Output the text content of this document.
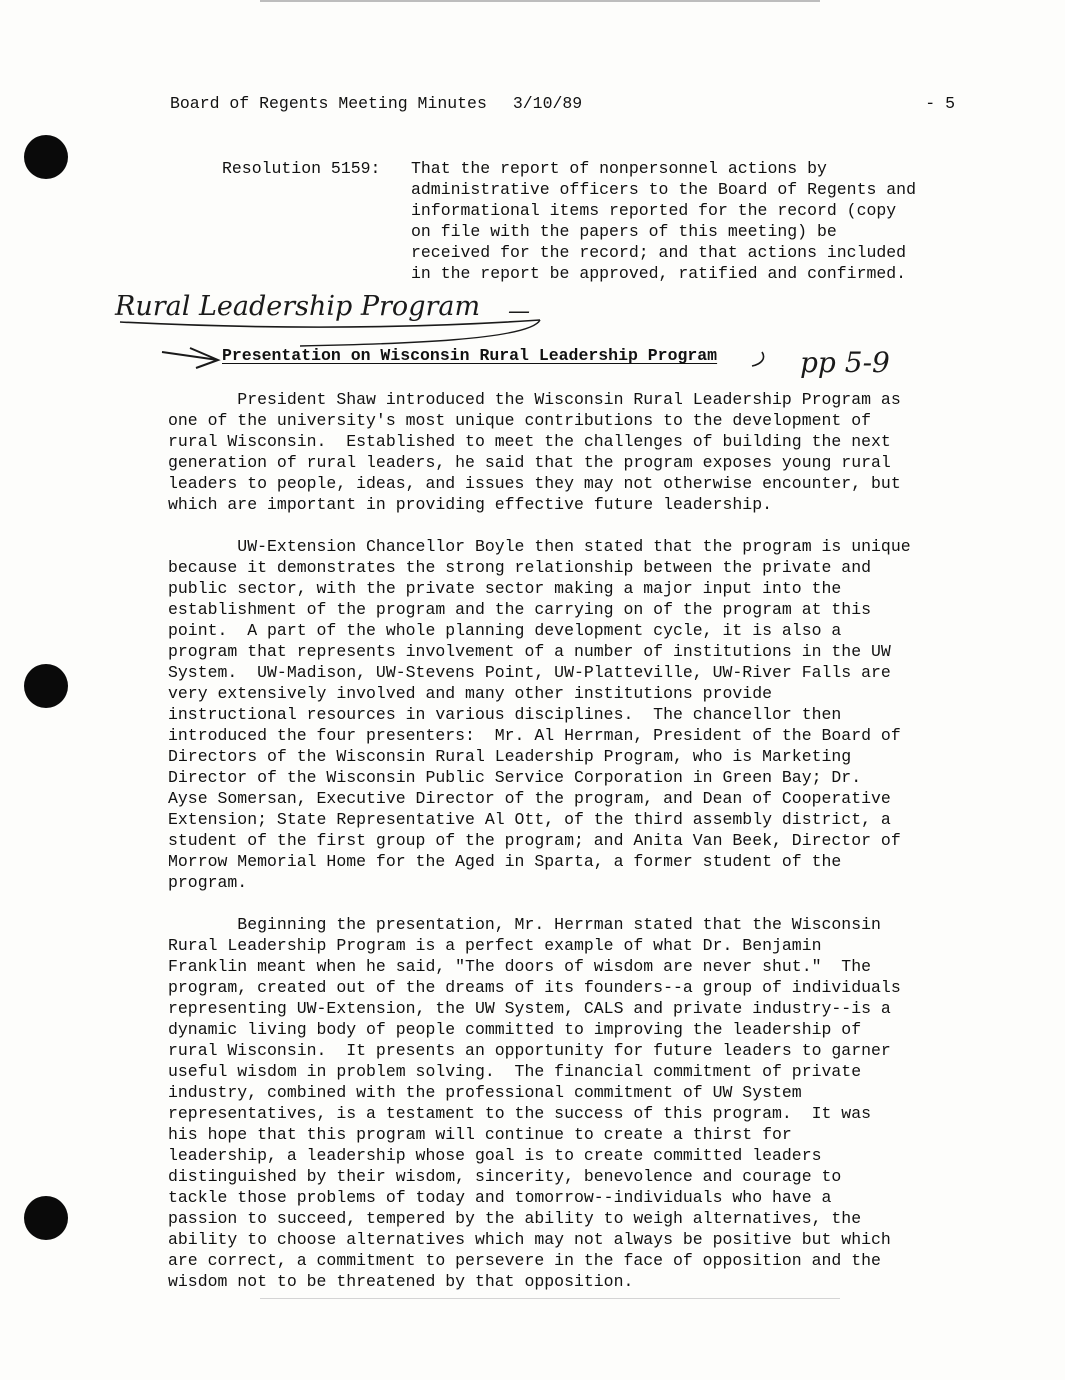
Board of Regents Meeting Minutes 3/10/89	- 5
Resolution 5159: That the report of nonpersonnel actions by
administrative officers to the Board of Regents and
informational items reported for the record (copy
on file with the papers of this meeting) be
received for the record; and that actions included
in the report be approved, ratified and confirmed.
Rural Leadership Program —
pp 5-9
Presentation on Wisconsin Rural Leadership Program
President Shaw introduced the Wisconsin Rural Leadership Program as
one of the university's most unique contributions to the development of
rural Wisconsin.  Established to meet the challenges of building the next
generation of rural leaders, he said that the program exposes young rural
leaders to people, ideas, and issues they may not otherwise encounter, but
which are important in providing effective future leadership.
UW-Extension Chancellor Boyle then stated that the program is unique
because it demonstrates the strong relationship between the private and
public sector, with the private sector making a major input into the
establishment of the program and the carrying on of the program at this
point.  A part of the whole planning development cycle, it is also a
program that represents involvement of a number of institutions in the UW
System.  UW-Madison, UW-Stevens Point, UW-Platteville, UW-River Falls are
very extensively involved and many other institutions provide
instructional resources in various disciplines.  The chancellor then
introduced the four presenters:  Mr. Al Herrman, President of the Board of
Directors of the Wisconsin Rural Leadership Program, who is Marketing
Director of the Wisconsin Public Service Corporation in Green Bay; Dr.
Ayse Somersan, Executive Director of the program, and Dean of Cooperative
Extension; State Representative Al Ott, of the third assembly district, a
student of the first group of the program; and Anita Van Beek, Director of
Morrow Memorial Home for the Aged in Sparta, a former student of the
program.
Beginning the presentation, Mr. Herrman stated that the Wisconsin
Rural Leadership Program is a perfect example of what Dr. Benjamin
Franklin meant when he said, "The doors of wisdom are never shut."  The
program, created out of the dreams of its founders--a group of individuals
representing UW-Extension, the UW System, CALS and private industry--is a
dynamic living body of people committed to improving the leadership of
rural Wisconsin.  It presents an opportunity for future leaders to garner
useful wisdom in problem solving.  The financial commitment of private
industry, combined with the professional commitment of UW System
representatives, is a testament to the success of this program.  It was
his hope that this program will continue to create a thirst for
leadership, a leadership whose goal is to create committed leaders
distinguished by their wisdom, sincerity, benevolence and courage to
tackle those problems of today and tomorrow--individuals who have a
passion to succeed, tempered by the ability to weigh alternatives, the
ability to choose alternatives which may not always be positive but which
are correct, a commitment to persevere in the face of opposition and the
wisdom not to be threatened by that opposition.
